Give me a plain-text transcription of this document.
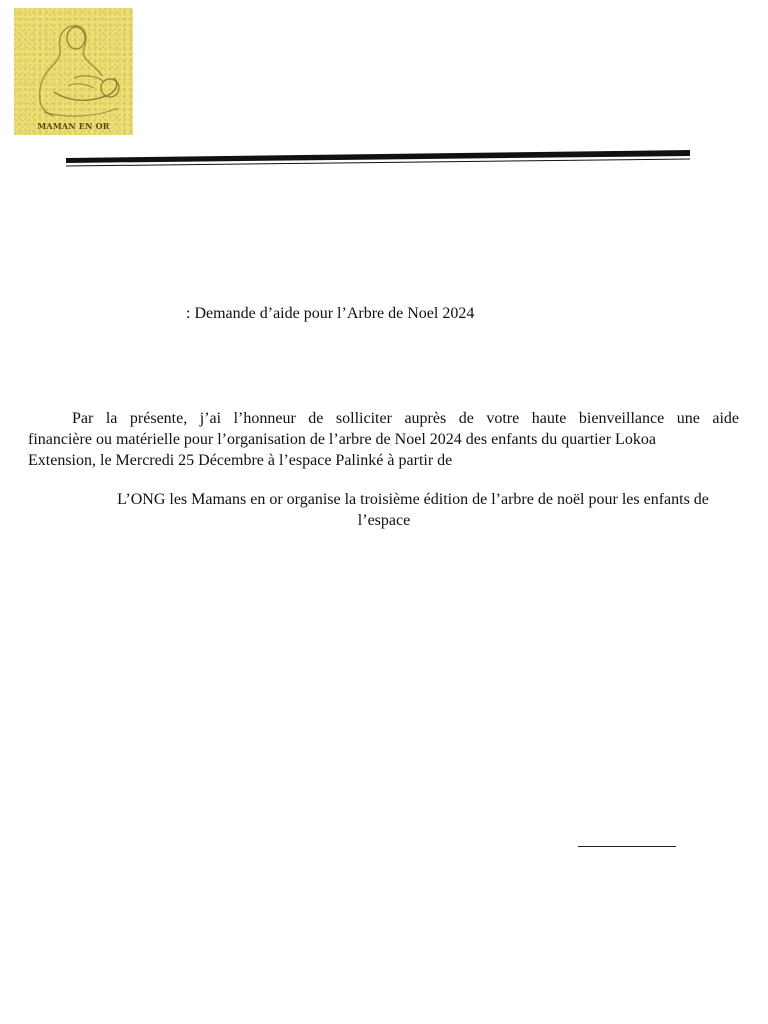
MAMAN EN OR
: Demande d’aide pour l’Arbre de Noel 2024
Par la présente, j’ai l’honneur de solliciter auprès de votre haute bienveillance une aide
financière ou matérielle pour l’organisation de l’arbre de Noel 2024 des enfants du quartier Lokoa
Extension, le Mercredi 25 Décembre à l’espace Palinké à partir de
L’ONG les Mamans en or organise la troisième édition de l’arbre de noël pour les enfants de
l’espace
